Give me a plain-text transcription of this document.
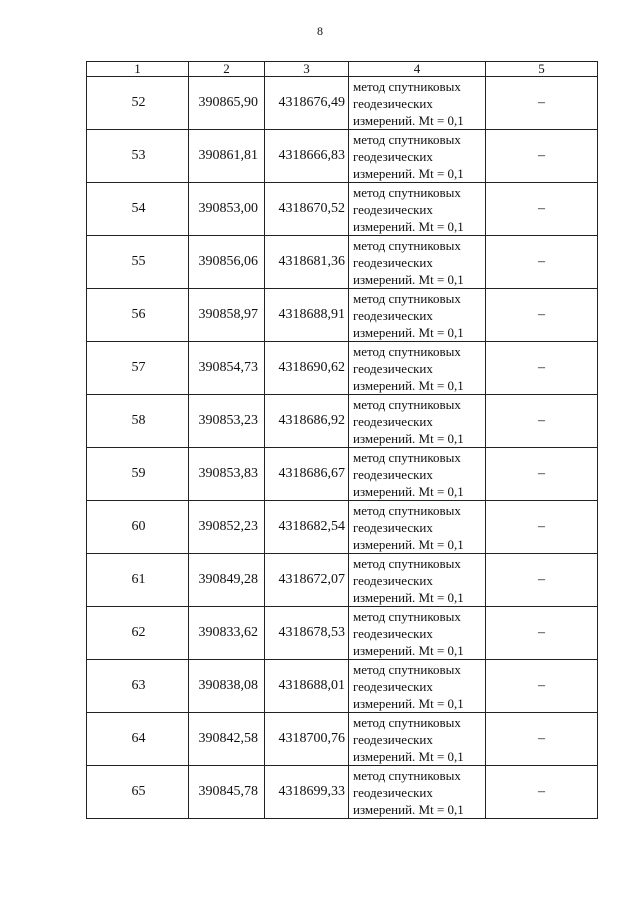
8
1	2	3	4	5
52	390865,90	4318676,49	метод спутниковых
геодезических
измерений. Mt = 0,1	–
53	390861,81	4318666,83	метод спутниковых
геодезических
измерений. Mt = 0,1	–
54	390853,00	4318670,52	метод спутниковых
геодезических
измерений. Mt = 0,1	–
55	390856,06	4318681,36	метод спутниковых
геодезических
измерений. Mt = 0,1	–
56	390858,97	4318688,91	метод спутниковых
геодезических
измерений. Mt = 0,1	–
57	390854,73	4318690,62	метод спутниковых
геодезических
измерений. Mt = 0,1	–
58	390853,23	4318686,92	метод спутниковых
геодезических
измерений. Mt = 0,1	–
59	390853,83	4318686,67	метод спутниковых
геодезических
измерений. Mt = 0,1	–
60	390852,23	4318682,54	метод спутниковых
геодезических
измерений. Mt = 0,1	–
61	390849,28	4318672,07	метод спутниковых
геодезических
измерений. Mt = 0,1	–
62	390833,62	4318678,53	метод спутниковых
геодезических
измерений. Mt = 0,1	–
63	390838,08	4318688,01	метод спутниковых
геодезических
измерений. Mt = 0,1	–
64	390842,58	4318700,76	метод спутниковых
геодезических
измерений. Mt = 0,1	–
65	390845,78	4318699,33	метод спутниковых
геодезических
измерений. Mt = 0,1	–
